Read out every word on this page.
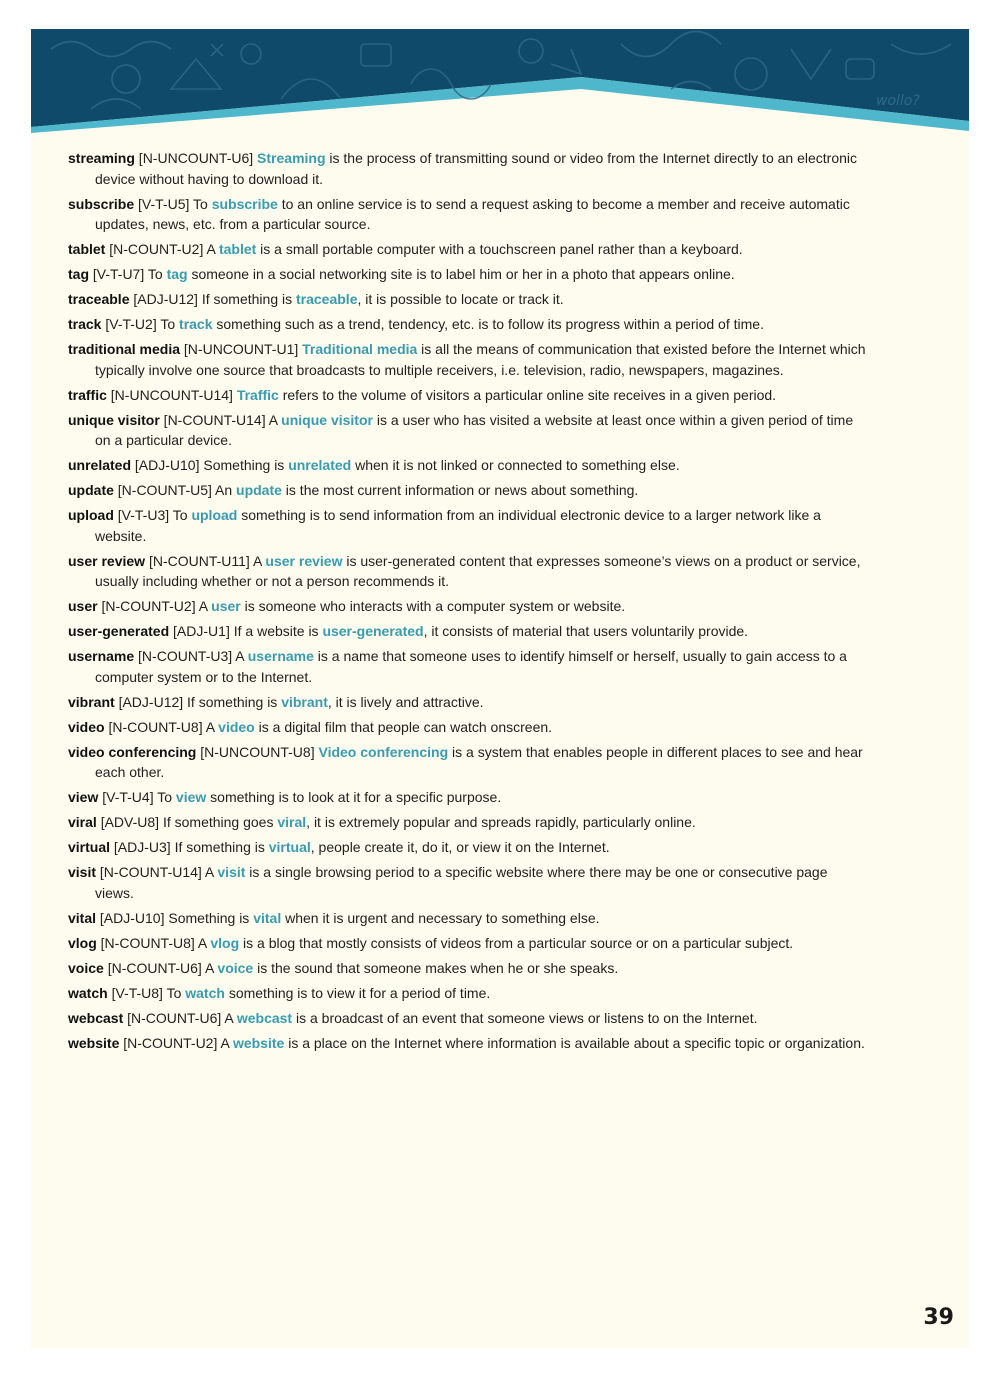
wollo?

streaming [N-UNCOUNT-U6] Streaming is the process of transmitting sound or video from the Internet directly to an electronic device without having to download it.

subscribe [V-T-U5] To subscribe to an online service is to send a request asking to become a member and receive automatic updates, news, etc. from a particular source.

tablet [N-COUNT-U2] A tablet is a small portable computer with a touchscreen panel rather than a keyboard.

tag [V-T-U7] To tag someone in a social networking site is to label him or her in a photo that appears online.

traceable [ADJ-U12] If something is traceable, it is possible to locate or track it.

track [V-T-U2] To track something such as a trend, tendency, etc. is to follow its progress within a period of time.

traditional media [N-UNCOUNT-U1] Traditional media is all the means of communication that existed before the Internet which typically involve one source that broadcasts to multiple receivers, i.e. television, radio, newspapers, magazines.

traffic [N-UNCOUNT-U14] Traffic refers to the volume of visitors a particular online site receives in a given period.

unique visitor [N-COUNT-U14] A unique visitor is a user who has visited a website at least once within a given period of time on a particular device.

unrelated [ADJ-U10] Something is unrelated when it is not linked or connected to something else.

update [N-COUNT-U5] An update is the most current information or news about something.

upload [V-T-U3] To upload something is to send information from an individual electronic device to a larger network like a website.

user review [N-COUNT-U11] A user review is user-generated content that expresses someone’s views on a product or service, usually including whether or not a person recommends it.

user [N-COUNT-U2] A user is someone who interacts with a computer system or website.

user-generated [ADJ-U1] If a website is user-generated, it consists of material that users voluntarily provide.

username [N-COUNT-U3] A username is a name that someone uses to identify himself or herself, usually to gain access to a computer system or to the Internet.

vibrant [ADJ-U12] If something is vibrant, it is lively and attractive.

video [N-COUNT-U8] A video is a digital film that people can watch onscreen.

video conferencing [N-UNCOUNT-U8] Video conferencing is a system that enables people in different places to see and hear each other.

view [V-T-U4] To view something is to look at it for a specific purpose.

viral [ADV-U8] If something goes viral, it is extremely popular and spreads rapidly, particularly online.

virtual [ADJ-U3] If something is virtual, people create it, do it, or view it on the Internet.

visit [N-COUNT-U14] A visit is a single browsing period to a specific website where there may be one or consecutive page views.

vital [ADJ-U10] Something is vital when it is urgent and necessary to something else.

vlog [N-COUNT-U8] A vlog is a blog that mostly consists of videos from a particular source or on a particular subject.

voice [N-COUNT-U6] A voice is the sound that someone makes when he or she speaks.

watch [V-T-U8] To watch something is to view it for a period of time.

webcast [N-COUNT-U6] A webcast is a broadcast of an event that someone views or listens to on the Internet.

website [N-COUNT-U2] A website is a place on the Internet where information is available about a specific topic or organization.

39
